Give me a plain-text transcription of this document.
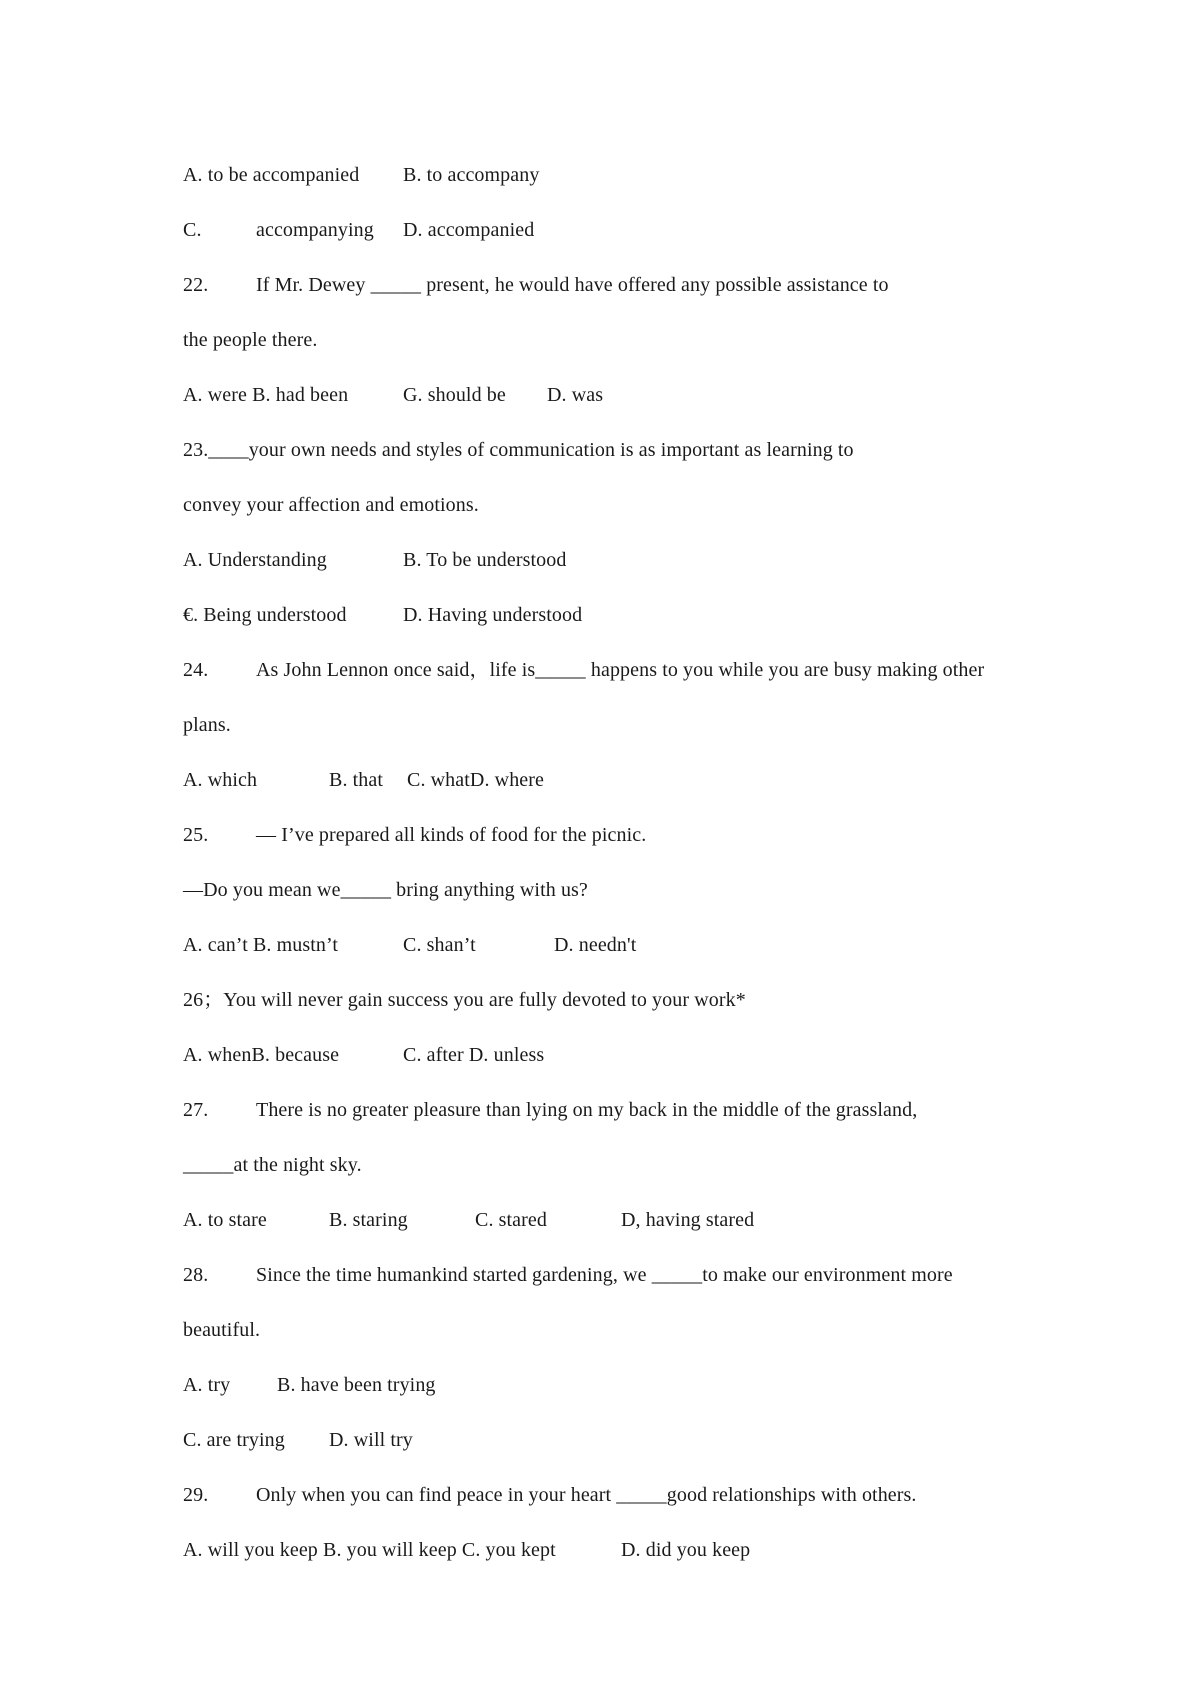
A. to be accompanied

B. to accompany

C.

	accompanying

D. accompanied

22.

If Mr. Dewey _____ present, he would have offered any possible assistance to

the people there.

A. were B. had been

	G. should be

D. was

23.____your own needs and styles of communication is as important as learning to

convey your affection and emotions.

A. Understanding

	B. To be understood

€. Being understood

	D. Having understood

24.

As John Lennon once said，life is_____ happens to you while you are busy making other

plans.

A. which

	B. that

C. whatD. where

25.

— I’ve prepared all kinds of food for the picnic.

—Do you mean we_____ bring anything with us?

A. can’t B. mustn’t

	C. shan’t

	D. needn't

26；You will never gain success you are fully devoted to your work*

A. whenB. because

	C. after D. unless

27.

There is no greater pleasure than lying on my back in the middle of the grassland,

_____at the night sky.

A. to stare

	B. staring

	C. stared

	D, having stared

28.

Since the time humankind started gardening, we _____to make our environment more

beautiful.

A. try

B. have been trying

C. are trying

D. will try

29.

Only when you can find peace in your heart _____good relationships with others.

A. will you keep B. you will keep C. you kept

	D. did you keep
